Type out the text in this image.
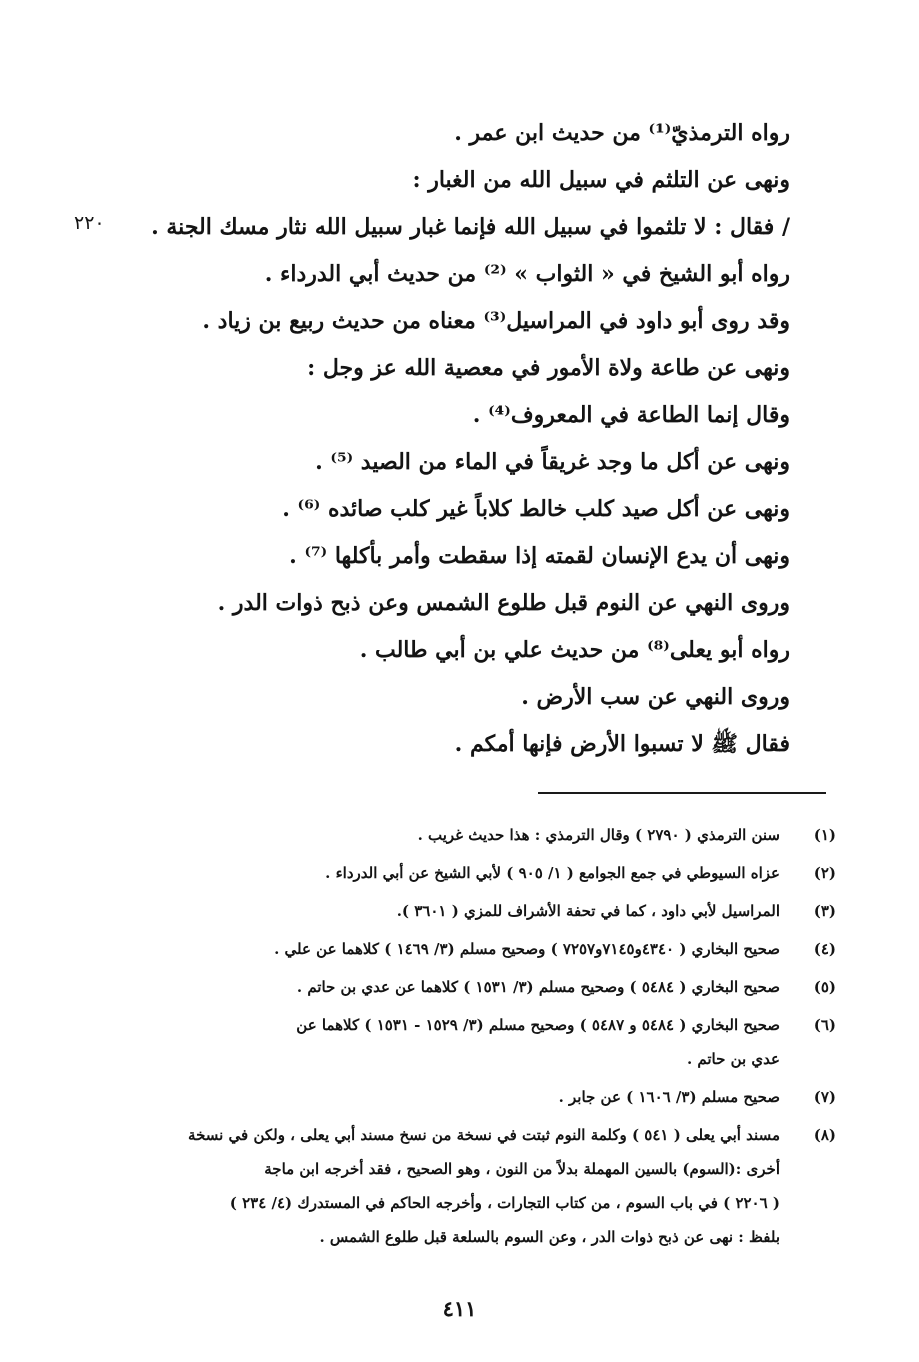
٢٢٠
رواه الترمذيّ⁽¹⁾ من حديث ابن عمر .
ونهى عن التلثم في سبيل الله من الغبار :
/ فقال : لا تلثموا في سبيل الله فإنما غبار سبيل الله نثار مسك الجنة .
رواه أبو الشيخ في « الثواب » ⁽²⁾ من حديث أبي الدرداء .
وقد روى أبو داود في المراسيل⁽³⁾ معناه من حديث ربيع بن زياد .
ونهى عن طاعة ولاة الأمور في معصية الله عز وجل :
وقال إنما الطاعة في المعروف⁽⁴⁾ .
ونهى عن أكل ما وجد غريقاً في الماء من الصيد ⁽⁵⁾ .
ونهى عن أكل صيد كلب خالط كلاباً غير كلب صائده ⁽⁶⁾ .
ونهى أن يدع الإنسان لقمته إذا سقطت وأمر بأكلها ⁽⁷⁾ .
وروى النهي عن النوم قبل طلوع الشمس وعن ذبح ذوات الدر .
رواه أبو يعلى⁽⁸⁾ من حديث علي بن أبي طالب .
وروى النهي عن سب الأرض .
فقال ﷺ لا تسبوا الأرض فإنها أمكم .
(١)
سنن الترمذي ( ٢٧٩٠ ) وقال الترمذي : هذا حديث غريب .
(٢)
عزاه السيوطي في جمع الجوامع ( ١/ ٩٠٥ ) لأبي الشيخ عن أبي الدرداء .
(٣)
المراسيل لأبي داود ، كما في تحفة الأشراف للمزي ( ٣٦٠١ ).
(٤)
صحيح البخاري ( ٤٣٤٠و٧١٤٥و٧٢٥٧ ) وصحيح مسلم (٣/ ١٤٦٩ ) كلاهما عن علي .
(٥)
صحيح البخاري ( ٥٤٨٤ ) وصحيح مسلم (٣/ ١٥٣١ ) كلاهما عن عدي بن حاتم .
(٦)
صحيح البخاري ( ٥٤٨٤ و ٥٤٨٧ ) وصحيح مسلم (٣/ ١٥٢٩ - ١٥٣١ ) كلاهما عن
عدي بن حاتم .
(٧)
صحيح مسلم (٣/ ١٦٠٦ ) عن جابر .
(٨)
مسند أبي يعلى ( ٥٤١ ) وكلمة النوم ثبتت في نسخة من نسخ مسند أبي يعلى ، ولكن في نسخة
أخرى :(السوم) بالسين المهملة بدلاً من النون ، وهو الصحيح ، فقد أخرجه ابن ماجة
( ٢٢٠٦ ) في باب السوم ، من كتاب التجارات ، وأخرجه الحاكم في المستدرك (٤/ ٢٣٤ )
بلفظ : نهى عن ذبح ذوات الدر ، وعن السوم بالسلعة قبل طلوع الشمس .
٤١١
